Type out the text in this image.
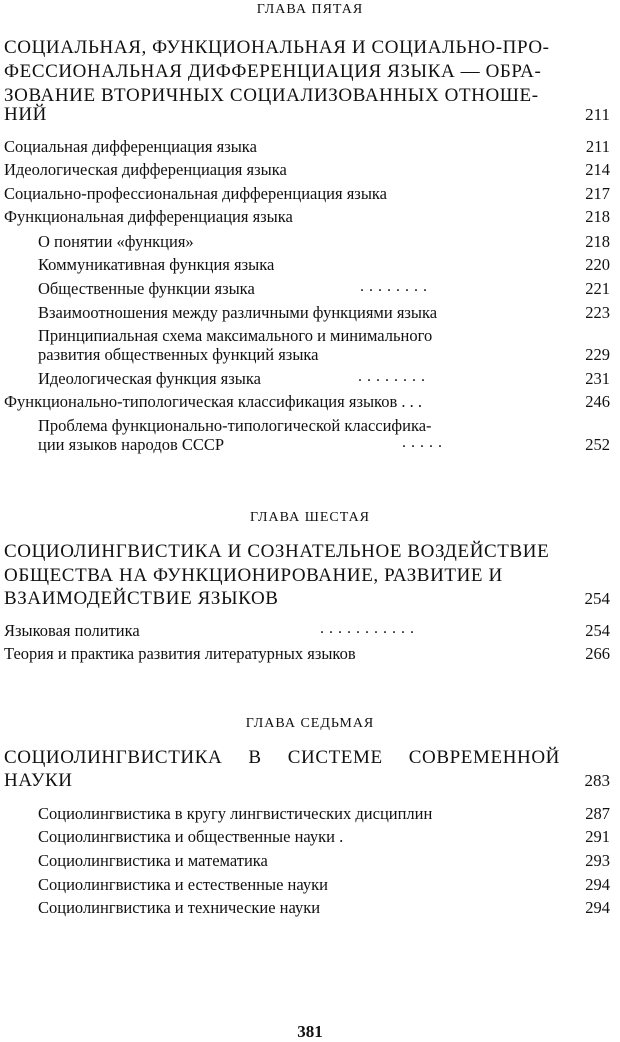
ГЛАВА ПЯТАЯ
СОЦИАЛЬНАЯ, ФУНКЦИОНАЛЬНАЯ И СОЦИАЛЬНО-ПРО-
ФЕССИОНАЛЬНАЯ ДИФФЕРЕНЦИАЦИЯ ЯЗЫКА — ОБРА-
ЗОВАНИЕ ВТОРИЧНЫХ СОЦИАЛИЗОВАННЫХ ОТНОШЕ-
НИЙ	211
Социальная дифференциация языка	211
Идеологическая дифференциация языка	214
Социально-профессиональная дифференциация языка	217
Функциональная дифференциация языка	218
О понятии «функция»	218
Коммуникативная функция языка	220
Общественные функции языка	........	221
Взаимоотношения между различными функциями языка	223
Принципиальная схема максимального и минимального
развития общественных функций языка	229
Идеологическая функция языка	........	231
Функционально-типологическая классификация языков . . .	246
Проблема функционально-типологической классифика-
ции языков народов СССР	.....	252
ГЛАВА ШЕСТАЯ
СОЦИОЛИНГВИСТИКА И СОЗНАТЕЛЬНОЕ ВОЗДЕЙСТВИЕ
ОБЩЕСТВА НА ФУНКЦИОНИРОВАНИЕ, РАЗВИТИЕ И
ВЗАИМОДЕЙСТВИЕ ЯЗЫКОВ	254
Языковая политика	...........	254
Теория и практика развития литературных языков	266
ГЛАВА СЕДЬМАЯ
СОЦИОЛИНГВИСТИКА В СИСТЕМЕ СОВРЕМЕННОЙ
НАУКИ	283
Социолингвистика в кругу лингвистических дисциплин	287
Социолингвистика и общественные науки .	291
Социолингвистика и математика	293
Социолингвистика и естественные науки	294
Социолингвистика и технические науки	294
381
